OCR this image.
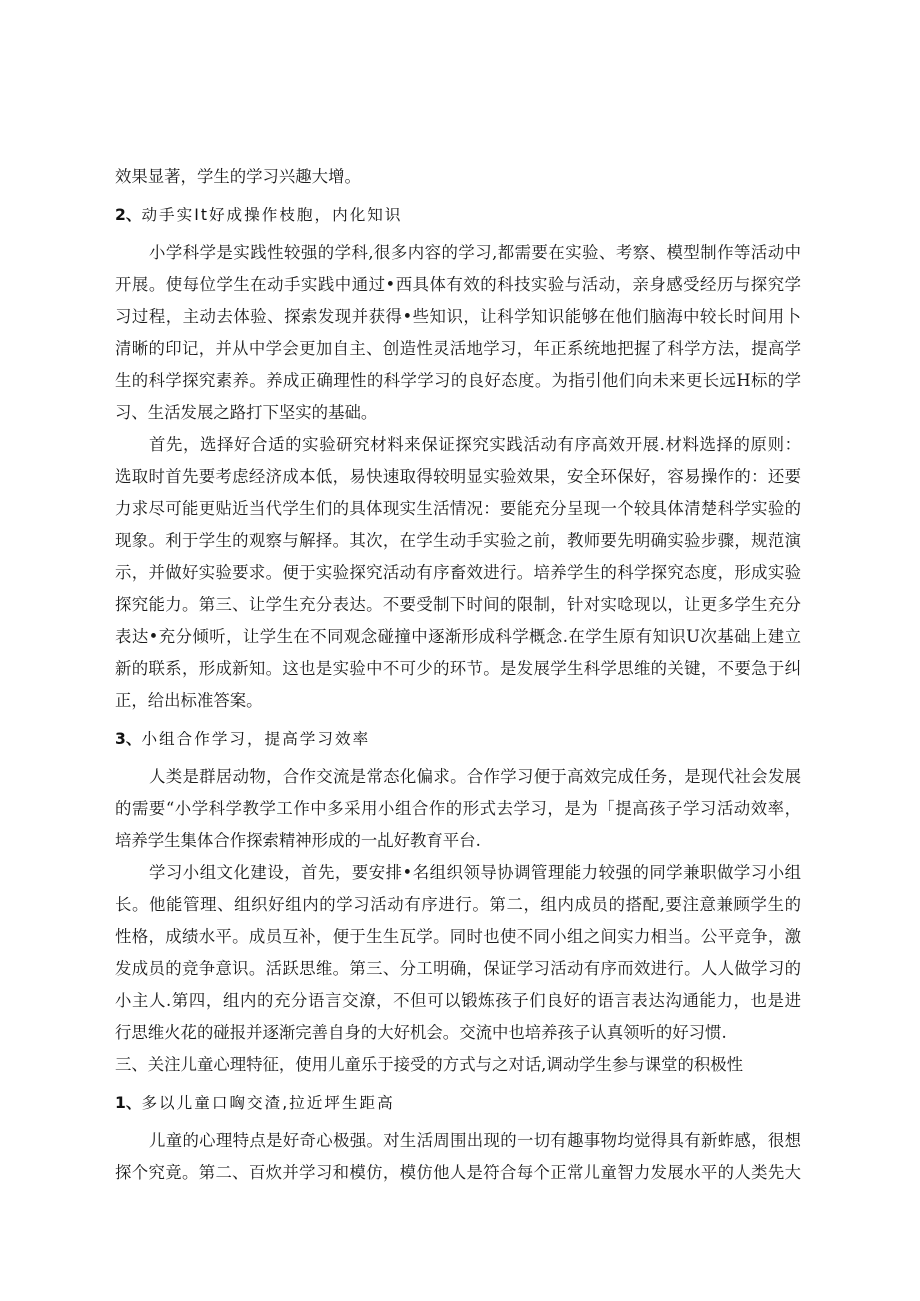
效果显著，学生的学习兴趣大增。
2、动手实It好成操作枝胞，内化知识
小学科学是实践性较强的学科,很多内容的学习,都需要在实验、考察、模型制作等活动中
开展。使每位学生在动手实践中通过•西具体有效的科技实验与活动，亲身感受经历与探究学
习过程，主动去体验、探索发现并获得•些知识，让科学知识能够在他们脑海中较长时间用卜
清晰的印记，并从中学会更加自主、创造性灵活地学习，年正系统地把握了科学方法，提高学
生的科学探究素养。养成正确理性的科学学习的良好态度。为指引他们向未来更长远H标的学
习、生活发展之路打下坚实的基础。
首先，选择好合适的实验研究材料来保证探究实践活动有序高效开展.材料选择的原则：
选取时首先要考虑经济成本低，易快速取得较明显实验效果，安全环保好，容易操作的：还要
力求尽可能更贴近当代学生们的具体现实生活情况：要能充分呈现一个较具体清楚科学实验的
现象。利于学生的观察与解择。其次，在学生动手实验之前，教师要先明确实验步骤，规范演
示，并做好实验要求。便于实验探究活动有序畜效进行。培养学生的科学探究态度，形成实验
探究能力。第三、让学生充分表达。不要受制下时间的限制，针对实唸现以，让更多学生充分
表达•充分倾听，让学生在不同观念碰撞中逐渐形成科学概念.在学生原有知识U次基础上建立
新的联系，形成新知。这也是实验中不可少的环节。是发展学生科学思维的关键，不要急于纠
正，给出标准答案。
3、小组合作学习，提高学习效率
人类是群居动物，合作交流是常态化偏求。合作学习便于高效完成任务，是现代社会发展
的需要“小学科学教学工作中多采用小组合作的形式去学习，是为「提高孩子学习活动效率，
培养学生集体合作探索精神形成的一乩好教育平台.
学习小组文化建设，首先，要安排•名组织领导协调管理能力较强的同学兼职做学习小组
长。他能管理、组织好组内的学习活动有序进行。第二，组内成员的搭配,要注意兼顾学生的
性格，成绩水平。成员互补，便于生生瓦学。同时也使不同小组之间实力相当。公平竞争，激
发成员的竞争意识。活跃思维。第三、分工明确，保证学习活动有序而效进行。人人做学习的
小主人.第四，组内的充分语言交潦，不但可以锻炼孩子们良好的语言表达沟通能力，也是进
行思维火花的碰报并逐渐完善自身的大好机会。交流中也培养孩子认真领听的好习惯.
三、关注儿童心理特征，使用儿童乐于接受的方式与之对话,调动学生参与课堂的积极性
1、多以儿童口哅交渣,拉近坪生距高
儿童的心理特点是好奇心极强。对生活周围出现的一切有趣事物均觉得具有新蚱感，很想
探个究竟。第二、百炊并学习和模仿，模仿他人是符合每个正常儿童智力发展水平的人类先大
